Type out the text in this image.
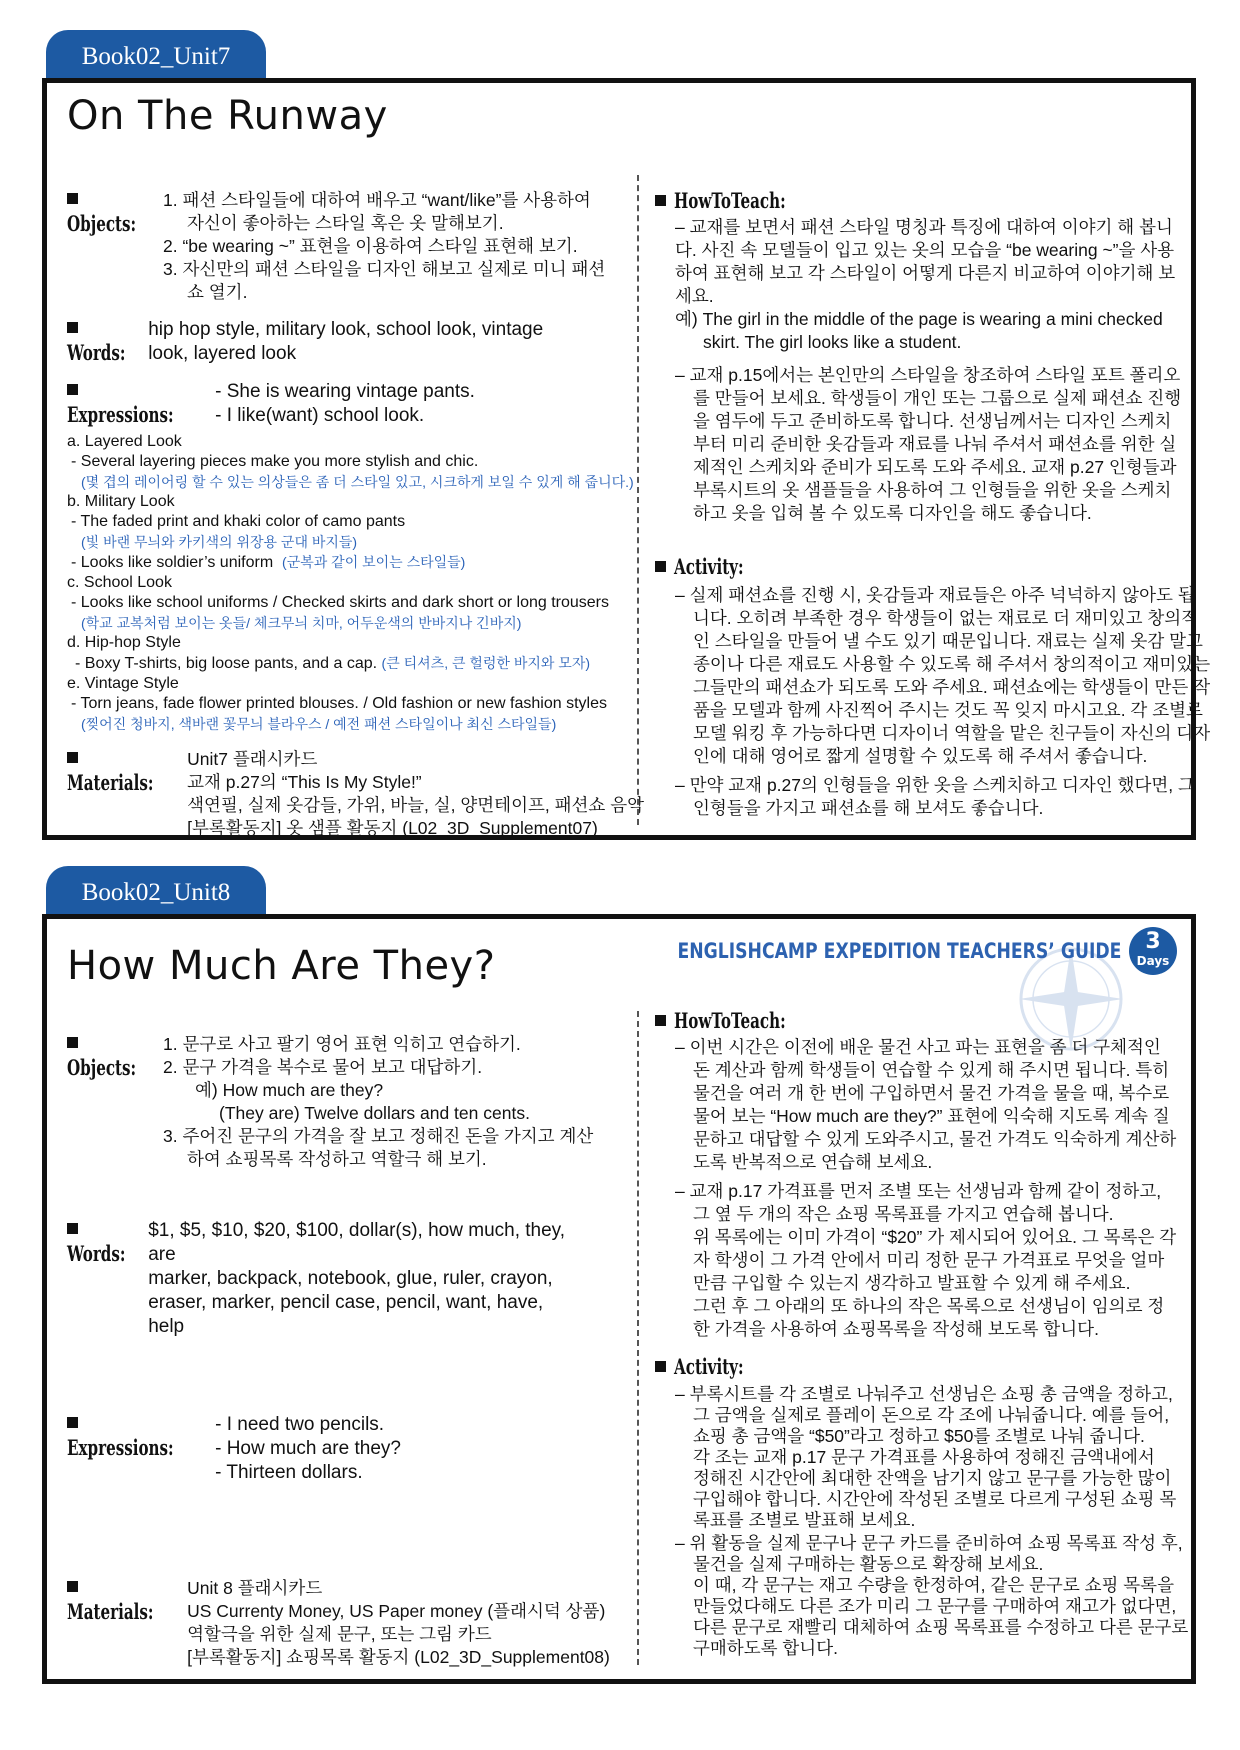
Book02_Unit7
On The Runway
Objects:
1. 패션 스타일들에 대하여 배우고 “want/like”를 사용하여
자신이 좋아하는 스타일 혹은 옷 말해보기.
2. “be wearing ~” 표현을 이용하여 스타일 표현해 보기.
3. 자신만의 패션 스타일을 디자인 해보고 실제로 미니 패션
쇼 열기.
Words:
hip hop style, military look, school look, vintage
look, layered look
Expressions:
- She is wearing vintage pants.
- I like(want) school look.
a. Layered Look
- Several layering pieces make you more stylish and chic.
(몇 겹의 레이어링 할 수 있는 의상들은 좀 더 스타일 있고, 시크하게 보일 수 있게 해 줍니다.)
b. Military Look
- The faded print and khaki color of camo pants
(빛 바랜 무늬와 카키색의 위장용 군대 바지들)
- Looks like soldier’s uniform (군복과 같이 보이는 스타일들)
c. School Look
- Looks like school uniforms / Checked skirts and dark short or long trousers
(학교 교복처럼 보이는 옷들/ 체크무늬 치마, 어두운색의 반바지나 긴바지)
d. Hip-hop Style
- Boxy T-shirts, big loose pants, and a cap. (큰 티셔츠, 큰 헐렁한 바지와 모자)
e. Vintage Style
- Torn jeans, fade flower printed blouses. / Old fashion or new fashion styles
(찢어진 청바지, 색바랜 꽃무늬 블라우스 / 예전 패션 스타일이나 최신 스타일들)
Materials:
Unit7 플래시카드
교재 p.27의 “This Is My Style!”
색연필, 실제 옷감들, 가위, 바늘, 실, 양면테이프, 패션쇼 음악
[부록활동지] 옷 샘플 활동지 (L02_3D_Supplement07)
HowToTeach:
– 교재를 보면서 패션 스타일 명칭과 특징에 대하여 이야기 해 봅니
다. 사진 속 모델들이 입고 있는 옷의 모습을 “be wearing ~”을 사용
하여 표현해 보고 각 스타일이 어떻게 다른지 비교하여 이야기해 보
세요.
예) The girl in the middle of the page is wearing a mini checked
skirt. The girl looks like a student.
– 교재 p.15에서는 본인만의 스타일을 창조하여 스타일 포트 폴리오
를 만들어 보세요. 학생들이 개인 또는 그룹으로 실제 패션쇼 진행
을 염두에 두고 준비하도록 합니다. 선생님께서는 디자인 스케치
부터 미리 준비한 옷감들과 재료를 나눠 주셔서 패션쇼를 위한 실
제적인 스케치와 준비가 되도록 도와 주세요. 교재 p.27 인형들과
부록시트의 옷 샘플들을 사용하여 그 인형들을 위한 옷을 스케치
하고 옷을 입혀 볼 수 있도록 디자인을 해도 좋습니다.
Activity:
– 실제 패션쇼를 진행 시, 옷감들과 재료들은 아주 넉넉하지 않아도 됩
니다. 오히려 부족한 경우 학생들이 없는 재료로 더 재미있고 창의적
인 스타일을 만들어 낼 수도 있기 때문입니다. 재료는 실제 옷감 말고
종이나 다른 재료도 사용할 수 있도록 해 주셔서 창의적이고 재미있는
그들만의 패션쇼가 되도록 도와 주세요. 패션쇼에는 학생들이 만든 작
품을 모델과 함께 사진찍어 주시는 것도 꼭 잊지 마시고요. 각 조별로
모델 워킹 후 가능하다면 디자이너 역할을 맡은 친구들이 자신의 디자
인에 대해 영어로 짧게 설명할 수 있도록 해 주셔서 좋습니다.
– 만약 교재 p.27의 인형들을 위한 옷을 스케치하고 디자인 했다면, 그
인형들을 가지고 패션쇼를 해 보셔도 좋습니다.
Book02_Unit8
How Much Are They?	ENGLISHCAMP EXPEDITION TEACHERS’ GUIDE	3
Days
Objects:
1. 문구로 사고 팔기 영어 표현 익히고 연습하기.
2. 문구 가격을 복수로 물어 보고 대답하기.
예) How much are they?
(They are) Twelve dollars and ten cents.
3. 주어진 문구의 가격을 잘 보고 정해진 돈을 가지고 계산
하여 쇼핑목록 작성하고 역할극 해 보기.
Words:
$1, $5, $10, $20, $100, dollar(s), how much, they,
are
marker, backpack, notebook, glue, ruler, crayon,
eraser, marker, pencil case, pencil, want, have,
help
Expressions:
- I need two pencils.
- How much are they?
- Thirteen dollars.
Materials:
Unit 8 플래시카드
US Currenty Money, US Paper money (플래시덕 상품)
역할극을 위한 실제 문구, 또는 그림 카드
[부록활동지] 쇼핑목록 활동지 (L02_3D_Supplement08)
HowToTeach:
– 이번 시간은 이전에 배운 물건 사고 파는 표현을 좀 더 구체적인
돈 계산과 함께 학생들이 연습할 수 있게 해 주시면 됩니다. 특히
물건을 여러 개 한 번에 구입하면서 물건 가격을 물을 때, 복수로
물어 보는 “How much are they?” 표현에 익숙해 지도록 계속 질
문하고 대답할 수 있게 도와주시고, 물건 가격도 익숙하게 계산하
도록 반복적으로 연습해 보세요.
– 교재 p.17 가격표를 먼저 조별 또는 선생님과 함께 같이 정하고,
그 옆 두 개의 작은 쇼핑 목록표를 가지고 연습해 봅니다.
위 목록에는 이미 가격이 “$20” 가 제시되어 있어요. 그 목록은 각
자 학생이 그 가격 안에서 미리 정한 문구 가격표로 무엇을 얼마
만큼 구입할 수 있는지 생각하고 발표할 수 있게 해 주세요.
그런 후 그 아래의 또 하나의 작은 목록으로 선생님이 임의로 정
한 가격을 사용하여 쇼핑목록을 작성해 보도록 합니다.
Activity:
– 부록시트를 각 조별로 나눠주고 선생님은 쇼핑 총 금액을 정하고,
그 금액을 실제로 플레이 돈으로 각 조에 나눠줍니다. 예를 들어,
쇼핑 총 금액을 “$50”라고 정하고 $50를 조별로 나눠 줍니다.
각 조는 교재 p.17 문구 가격표를 사용하여 정해진 금액내에서
정해진 시간안에 최대한 잔액을 남기지 않고 문구를 가능한 많이
구입해야 합니다. 시간안에 작성된 조별로 다르게 구성된 쇼핑 목
록표를 조별로 발표해 보세요.
– 위 활동을 실제 문구나 문구 카드를 준비하여 쇼핑 목록표 작성 후,
물건을 실제 구매하는 활동으로 확장해 보세요.
이 때, 각 문구는 재고 수량을 한정하여, 같은 문구로 쇼핑 목록을
만들었다해도 다른 조가 미리 그 문구를 구매하여 재고가 없다면,
다른 문구로 재빨리 대체하여 쇼핑 목록표를 수정하고 다른 문구로
구매하도록 합니다.
